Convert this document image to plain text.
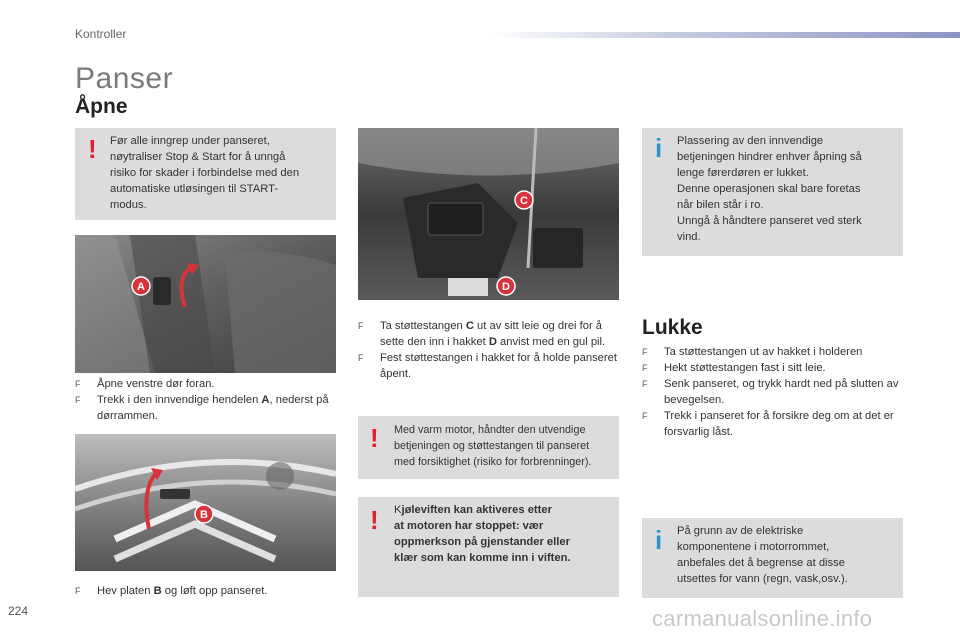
Kontroller
Panser
Åpne
! Før alle inngrep under panseret,
nøytraliser Stop & Start for å unngå
risiko for skader i forbindelse med den
automatiske utløsingen til START-
modus.
A
F	Åpne venstre dør foran.
F	Trekk i den innvendige hendelen A, nederst på dørrammen.
B
F	Hev platen B og løft opp panseret.
C
D
F	Ta støttestangen C ut av sitt leie og drei for å sette den inn i hakket D anvist med en gul pil.
F	Fest støttestangen i hakket for å holde panseret åpent.
! Med varm motor, håndter den utvendige
betjeningen og støttestangen til panseret
med forsiktighet (risiko for forbrenninger).
! Kjøleviften kan aktiveres etter
at motoren har stoppet: vær
oppmerkson på gjenstander eller
klær som kan komme inn i viften.
i Plassering av den innvendige
betjeningen hindrer enhver åpning så
lenge førerdøren er lukket.
Denne operasjonen skal bare foretas
når bilen står i ro.
Unngå å håndtere panseret ved sterk
vind.
Lukke
F	Ta støttestangen ut av hakket i holderen
F	Hekt støttestangen fast i sitt leie.
F	Senk panseret, og trykk hardt ned på slutten av bevegelsen.
F	Trekk i panseret for å forsikre deg om at det er forsvarlig låst.
i På grunn av de elektriske
komponentene i motorrommet,
anbefales det å begrense at disse
utsettes for vann (regn, vask,osv.).
224	carmanualsonline.info
